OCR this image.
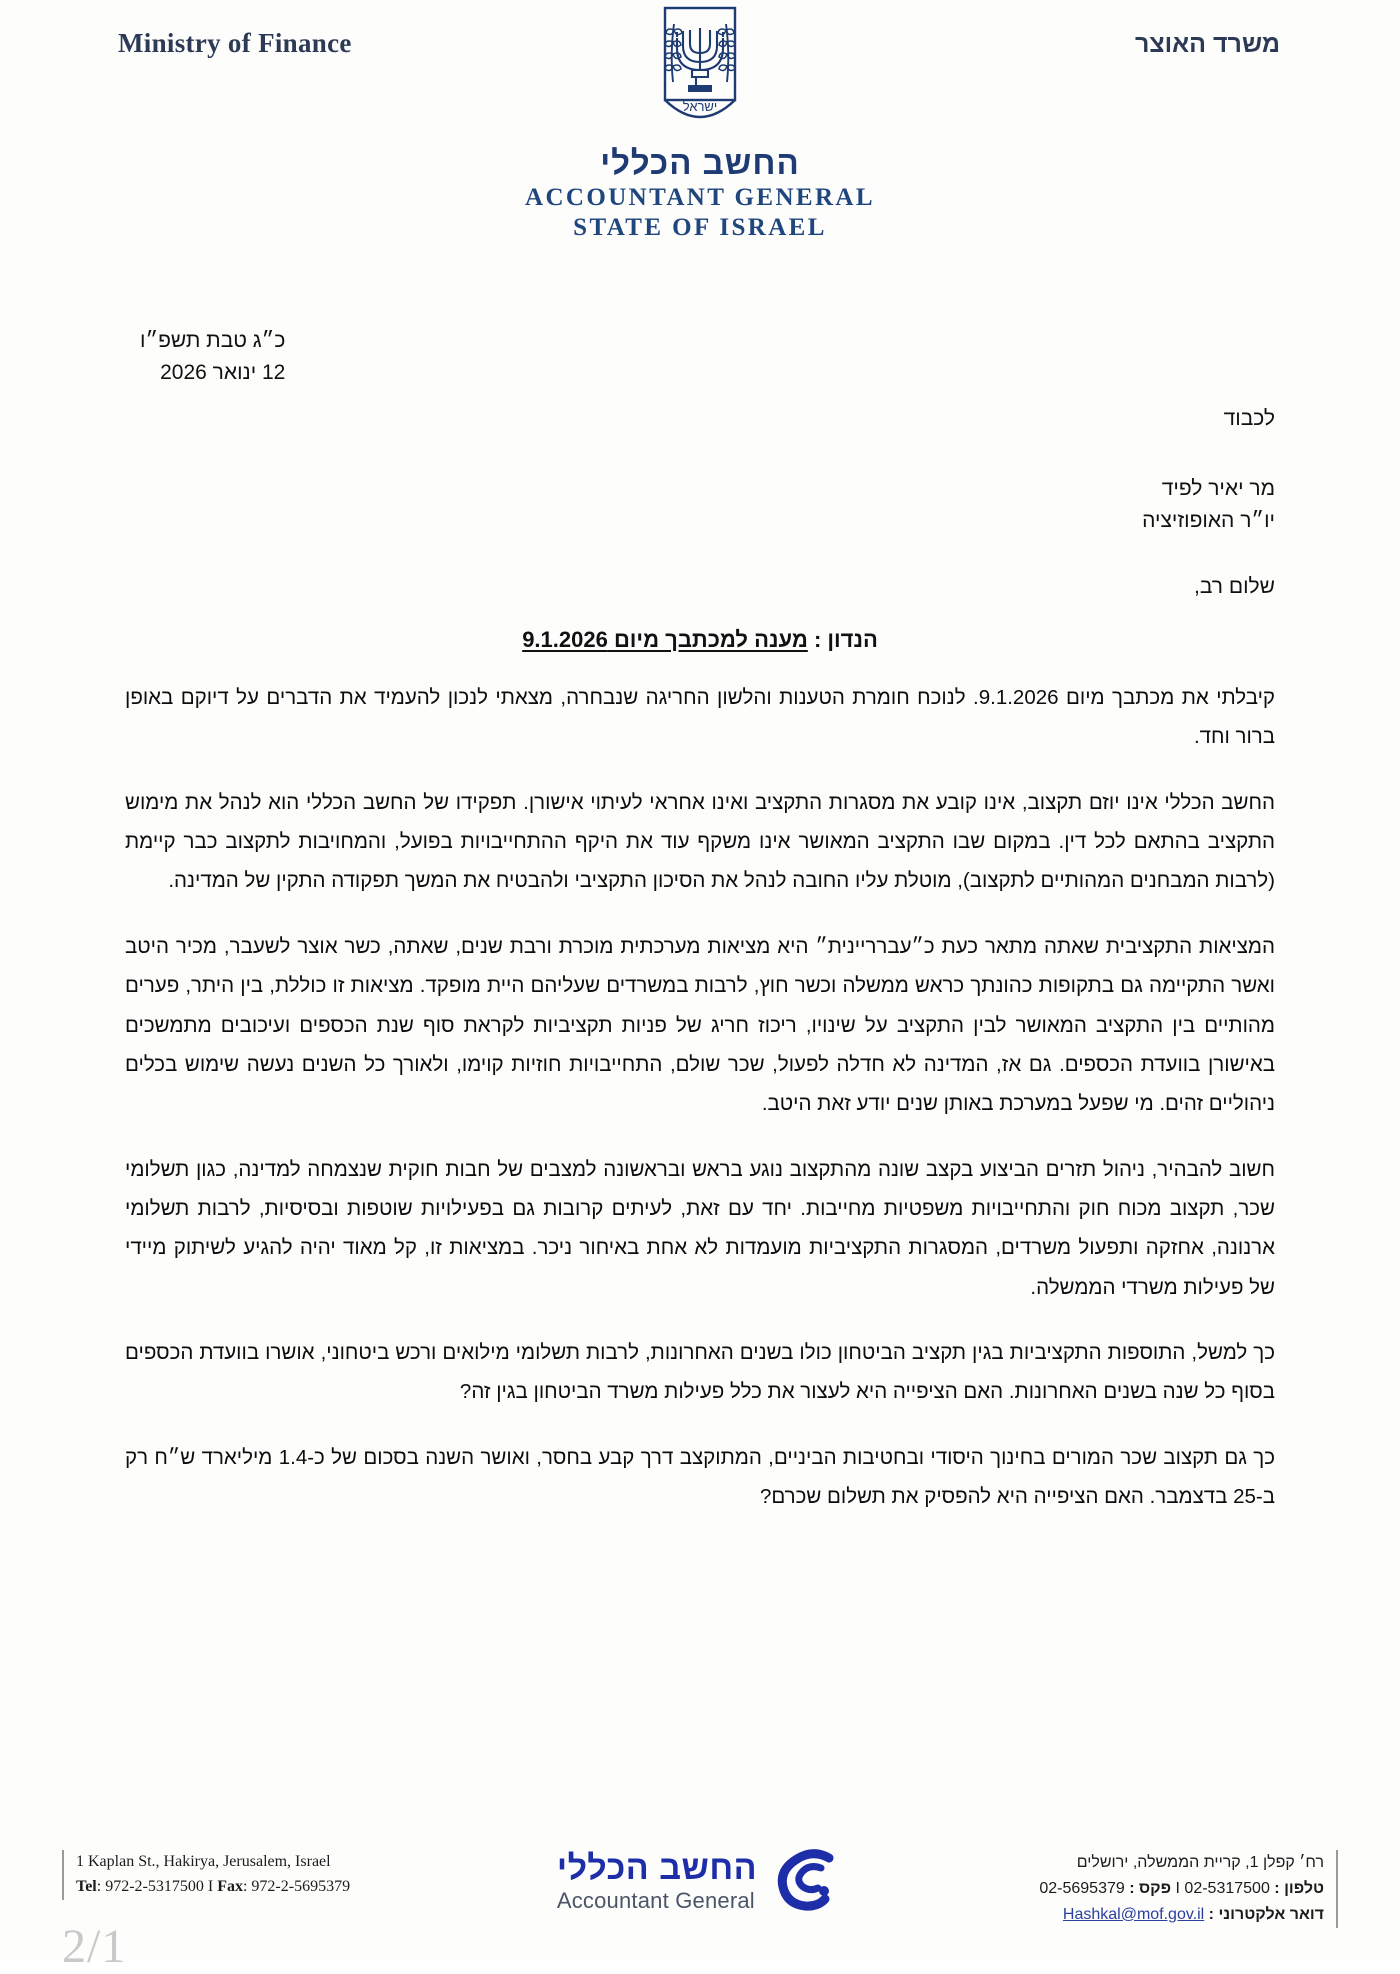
Ministry of Finance	משרד האוצר
ישראל
החשב הכללי
ACCOUNTANT GENERAL
STATE OF ISRAEL
כ״ג טבת תשפ״ו
12 ינואר 2026
לכבוד
מר יאיר לפיד
יו״ר האופוזיציה
שלום רב,
הנדון : מענה למכתבך מיום 9.1.2026

קיבלתי את מכתבך מיום 9.1.2026. לנוכח חומרת הטענות והלשון החריגה שנבחרה, מצאתי לנכון להעמיד את הדברים על דיוקם באופן ברור וחד.

החשב הכללי אינו יוזם תקצוב, אינו קובע את מסגרות התקציב ואינו אחראי לעיתוי אישורן. תפקידו של החשב הכללי הוא לנהל את מימוש התקציב בהתאם לכל דין. במקום שבו התקציב המאושר אינו משקף עוד את היקף ההתחייבויות בפועל, והמחויבות לתקצוב כבר קיימת (לרבות המבחנים המהותיים לתקצוב), מוטלת עליו החובה לנהל את הסיכון התקציבי ולהבטיח את המשך תפקודה התקין של המדינה.

המציאות התקציבית שאתה מתאר כעת כ״עברריינית״ היא מציאות מערכתית מוכרת ורבת שנים, שאתה, כשר אוצר לשעבר, מכיר היטב ואשר התקיימה גם בתקופות כהונתך כראש ממשלה וכשר חוץ, לרבות במשרדים שעליהם היית מופקד. מציאות זו כוללת, בין היתר, פערים מהותיים בין התקציב המאושר לבין התקציב על שינויו, ריכוז חריג של פניות תקציביות לקראת סוף שנת הכספים ועיכובים מתמשכים באישורן בוועדת הכספים. גם אז, המדינה לא חדלה לפעול, שכר שולם, התחייבויות חוזיות קוימו, ולאורך כל השנים נעשה שימוש בכלים ניהוליים זהים. מי שפעל במערכת באותן שנים יודע זאת היטב.

חשוב להבהיר, ניהול תזרים הביצוע בקצב שונה מהתקצוב נוגע בראש ובראשונה למצבים של חבות חוקית שנצמחה למדינה, כגון תשלומי שכר, תקצוב מכוח חוק והתחייבויות משפטיות מחייבות. יחד עם זאת, לעיתים קרובות גם בפעילויות שוטפות ובסיסיות, לרבות תשלומי ארנונה, אחזקה ותפעול משרדים, המסגרות התקציביות מועמדות לא אחת באיחור ניכר. במציאות זו, קל מאוד יהיה להגיע לשיתוק מיידי של פעילות משרדי הממשלה.

כך למשל, התוספות התקציביות בגין תקציב הביטחון כולו בשנים האחרונות, לרבות תשלומי מילואים ורכש ביטחוני, אושרו בוועדת הכספים בסוף כל שנה בשנים האחרונות. האם הציפייה היא לעצור את כלל פעילות משרד הביטחון בגין זה?

כך גם תקצוב שכר המורים בחינוך היסודי ובחטיבות הביניים, המתוקצב דרך קבע בחסר, ואושר השנה בסכום של כ-1.4 מיליארד ש״ח רק ב-25 בדצמבר. האם הציפייה היא להפסיק את תשלום שכרם?

1 Kaplan St., Hakirya, Jerusalem, Israel
Tel: 972-2-5317500 I Fax: 972-2-5695379	החשב הכללי
Accountant General
רח׳ קפלן 1, קריית הממשלה, ירושלים
טלפון : 02-5317500 I פקס : 02-5695379
דואר אלקטרוני : Hashkal@mof.gov.il
2/1
